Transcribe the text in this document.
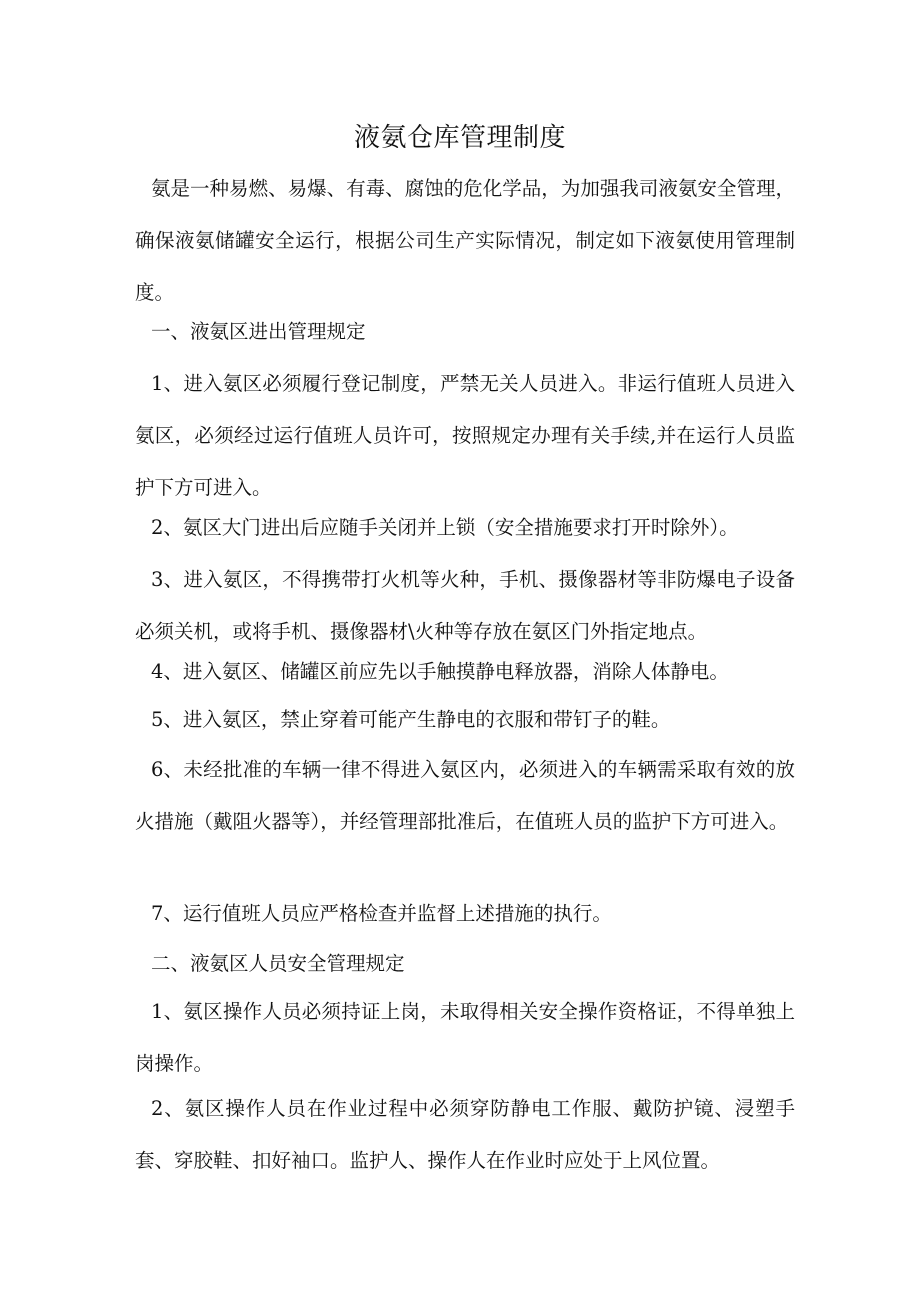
液氨仓库管理制度

氨是一种易燃、易爆、有毒、腐蚀的危化学品，为加强我司液氨安全管理，确保液氨储罐安全运行，根据公司生产实际情况，制定如下液氨使用管理制度。

一、液氨区进出管理规定

1、进入氨区必须履行登记制度，严禁无关人员进入。非运行值班人员进入氨区，必须经过运行值班人员许可，按照规定办理有关手续,并在运行人员监护下方可进入。

2、氨区大门进出后应随手关闭并上锁（安全措施要求打开时除外）。

3、进入氨区，不得携带打火机等火种，手机、摄像器材等非防爆电子设备必须关机，或将手机、摄像器材\火种等存放在氨区门外指定地点。

4、进入氨区、储罐区前应先以手触摸静电释放器，消除人体静电。

5、进入氨区，禁止穿着可能产生静电的衣服和带钉子的鞋。

6、未经批准的车辆一律不得进入氨区内，必须进入的车辆需采取有效的放火措施（戴阻火器等），并经管理部批准后，在值班人员的监护下方可进入。

7、运行值班人员应严格检查并监督上述措施的执行。

二、液氨区人员安全管理规定

1、氨区操作人员必须持证上岗，未取得相关安全操作资格证，不得单独上岗操作。

2、氨区操作人员在作业过程中必须穿防静电工作服、戴防护镜、浸塑手套、穿胶鞋、扣好袖口。监护人、操作人在作业时应处于上风位置。
